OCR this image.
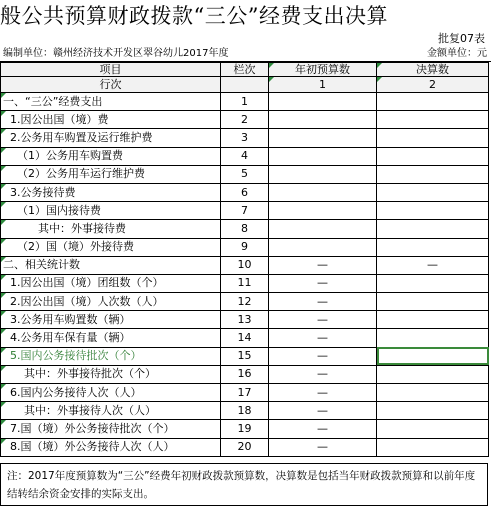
般公共预算财政拨款“三公”经费支出决算
批复07表
编制单位：赣州经济技术开发区翠谷幼儿2017年度	金额单位：元
项目	栏次	年初预算数	决算数
行次		1	2
一、“三公”经费支出	1		
1.因公出国（境）费	2		
2.公务用车购置及运行维护费	3		
（1）公务用车购置费	4		
（2）公务用车运行维护费	5		
3.公务接待费	6		
（1）国内接待费	7		
其中：外事接待费	8		
（2）国（境）外接待费	9		
二、相关统计数	10	—	—
1.因公出国（境）团组数（个）	11	—	
2.因公出国（境）人次数（人）	12	—	
3.公务用车购置数（辆）	13	—	
4.公务用车保有量（辆）	14	—	
5.国内公务接待批次（个）	15	—	
其中：外事接待批次（个）	16	—	
6.国内公务接待人次（人）	17	—	
其中：外事接待人次（人）	18	—	
7.国（境）外公务接待批次（个）	19	—	
8.国（境）外公务接待人次（人）	20	—	
注：2017年度预算数为“三公”经费年初财政拨款预算数，决算数是包括当年财政拨款预算和以前年度结转结余资金安排的实际支出。
